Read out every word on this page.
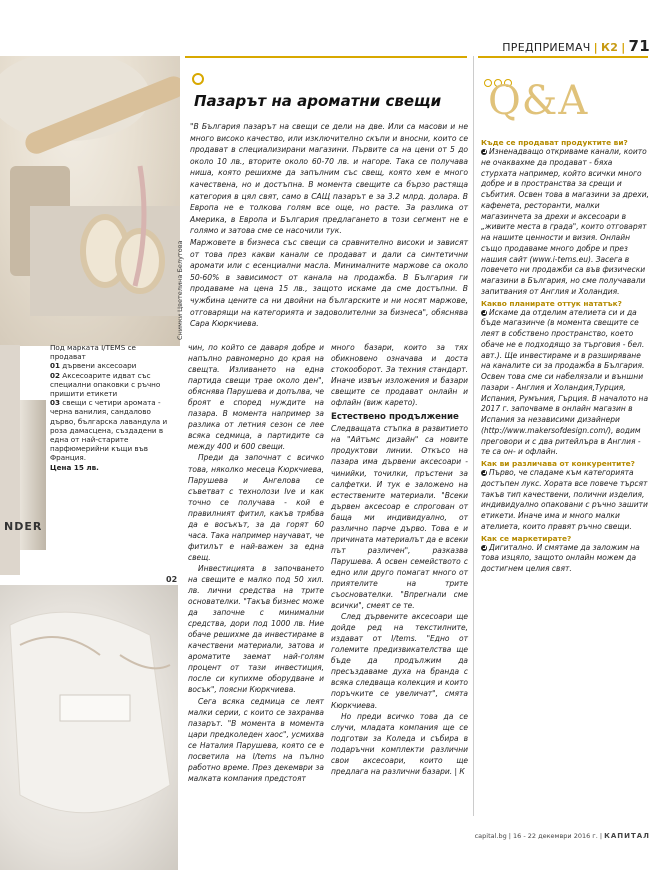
ПРЕДПРИЕМАЧ | К2 | 71
Снимки Цветелина Белутова
NDER
02
Под марката I/TEMS се продават
01 дървени аксесоари
02 Аксесоарите идват със специални опаковки с ръчно пришити етикети
03 свещи с четири аромата - черна ванилия, сандалово дърво, българска лавандула и роза дамасцена, създадени в една от най-старите парфюмерийни къщи във Франция.
Цена 15 лв.
Пазарът на ароматни свещи

"В България пазарът на свещи се дели на две. Или са масови и не много високо качество, или изключително скъпи и вносни, които се продават в специализирани магазини. Първите са на цени от 5 до около 10 лв., вторите около 60-70 лв. и нагоре. Така се получава ниша, която решихме да запълним със свещ, която хем е много качествена, но и достъпна. В момента свещите са бързо растяща категория в цял свят, само в САЩ пазарът е за 3.2 млрд. долара. В Европа не е толкова голям все още, но расте. За разлика от Америка, в Европа и България предлагането в този сегмент не е голямо и затова сме се насочили тук.

Маржовете в бизнеса със свещи са сравнително високи и зависят от това през какви канали се продават и дали са синтетични аромати или с есенциални масла. Минималните маржове са около 50-60% в зависимост от канала на продажба. В България ги продаваме на цена 15 лв., защото искаме да сме достъпни. В чужбина цените са ни двойни на българските и ни носят маржове, отговарящи на категорията и задоволителни за бизнеса", обяснява Сара Кюркчиева.

чин, по който се даваря добре и напълно равномерно до края на свещта. Изливането на една партида свещи трае около ден", обяснява Парушева и допълва, че броят е според нуждите на пазара. В момента например за разлика от летния сезон се лее всяка седмица, а партидите са между 400 и 600 свещи.

Преди да започнат с всичко това, няколко месеца Кюркчиева, Парушева и Ангелова се съветват с технолози Ive и как точно се получава - кой е правилният фитил, какъв трябва да е восъкът, за да горят 60 часа. Така например научават, че фитилът е най-важен за една свещ.

Инвестицията в започването на свещите е малко под 50 хил. лв. лични средства на трите основателки. "Такъв бизнес може да започне с минимални средства, дори под 1000 лв. Ние обаче решихме да инвестираме в качествени материали, затова и ароматите заемат най-голям процент от тази инвестиция, после си купихме оборудване и восък", поясни Кюркчиева.

Сега всяка седмица се леят малки серии, с които се захранва пазарът. "В момента в момента цари предколеден хаос", усмихва се Наталия Парушева, която се е посветила на I/tems на пълно работно време. През декември за малката компания предстоят

много базари, които за тях обикновено означава и доста стокооборот. За техния стандарт. Иначе извън изложения и базари свещите се продават онлайн и офлайн (виж карето).

Естествено продължение

Следващата стъпка в развитието на "Айтъмс дизайн" са новите продуктови линии. Откъсо на пазара има дървени аксесоари - чинийки, точилки, пръстени за салфетки. И тук е заложено на естествените материали. "Всеки дървен аксесоар е спрогован от баща ми индивидуално, от различно парче дърво. Това е и причината материалът да е всеки път различен", разказва Парушева. А освен семейството с едно или друго помагат много от приятелите на трите съоснователки. "Впрегнали сме всички", смеят се те.

След дървените аксесоари ще дойде ред на текстилните, издават от I/tems. "Едно от големите предизвикателства ще бъде да продължим да пресъздаваме духа на бранда с всяка следваща колекция и които поръчките се увеличат", смята Кюркчиева.

Но преди всичко това да се случи, младата компания ще се подготви за Коледа и събира в подаръчни комплекти различни свои аксесоари, които ще предлага на различни базари. | К

Q&A
Къде се продават продуктите ви?

Изненадващо откриваме канали, които не очаквахме да продават - бяха стурхата например, който всички много добре и в пространства за срещи и събития. Освен това в магазини за дрехи, кафенета, ресторанти, малки магазинчета за дрехи и аксесоари в „живите места в града", които отговарят на нашите ценности и визия. Онлайн също продаваме много добре и през нашия сайт (www.i-tems.eu). Засега в повечето ни продажби са във физически магазини в България, но сме получавали запитвания от Англия и Холандия.

Какво планирате оттук нататък?

Искаме да отделим ателиета си и да бъде магазинче (в момента свещите се леят в собствено пространство, което обаче не е подходящо за търговия - бел. авт.). Ще инвестираме и в разширяване на каналите си за продажба в България. Освен това сме си набелязали и външни пазари - Англия и Холандия,Турция, Испания, Румъния, Гърция. В началото на 2017 г. започваме в онлайн магазин в Испания за независими дизайнери (http://www.makersofdesign.com/), водим преговори и с два ритейлъра в Англия - те са он- и офлайн.

Как ви различава от конкурентите?

Първо, че спадаме към категорията достъпен лукс. Хората все повече търсят такъв тип качествени, полични изделия, индивидуално опаковани с ръчно зашити етикети. Иначе има и много малки ателиета, които правят ръчно свещи.

Как се маркетирате?

Дигитално. И смятаме да заложим на това изцяло, защото онлайн можем да достигнем целия свят.

capital.bg | 16 - 22 декември 2016 г. | КАПИТАЛ
